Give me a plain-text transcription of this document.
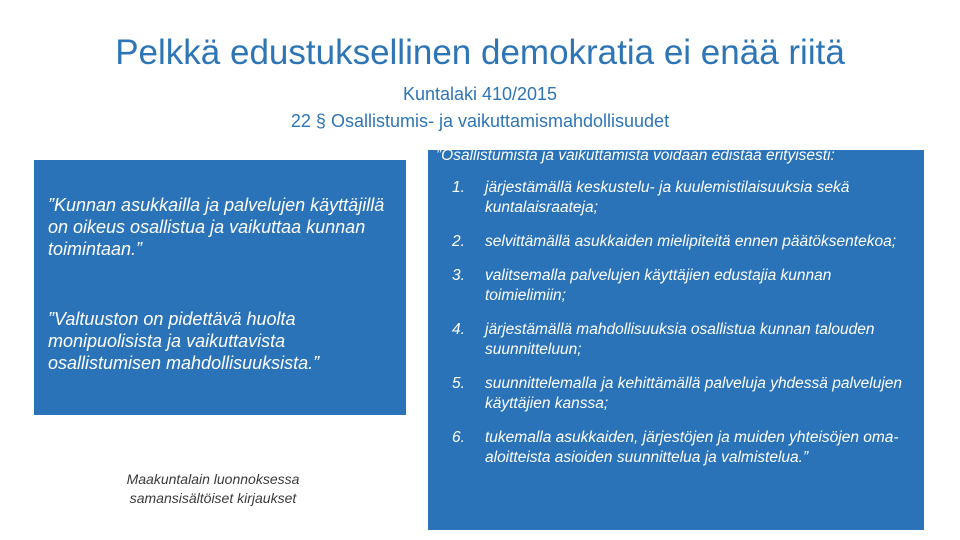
Pelkkä edustuksellinen demokratia ei enää riitä
Kuntalaki 410/2015
22 § Osallistumis- ja vaikuttamismahdollisuudet
”Kunnan asukkailla ja palvelujen käyttäjillä on oikeus osallistua ja vaikuttaa kunnan toimintaan.”
”Valtuuston on pidettävä huolta monipuolisista ja vaikuttavista osallistumisen mahdollisuuksista.”
Maakuntalain luonnoksessa samansisältöiset kirjaukset
”Osallistumista ja vaikuttamista voidaan edistää erityisesti:
1. järjestämällä keskustelu- ja kuulemistilaisuuksia sekä kuntalaisraateja;
2. selvittämällä asukkaiden mielipiteitä ennen päätöksentekoa;
3. valitsemalla palvelujen käyttäjien edustajia kunnan toimielimiin;
4. järjestämällä mahdollisuuksia osallistua kunnan talouden suunnitteluun;
5. suunnittelemalla ja kehittämällä palveluja yhdessä palvelujen käyttäjien kanssa;
6. tukemalla asukkaiden, järjestöjen ja muiden yhteisöjen oma-aloitteista asioiden suunnittelua ja valmistelua.”
